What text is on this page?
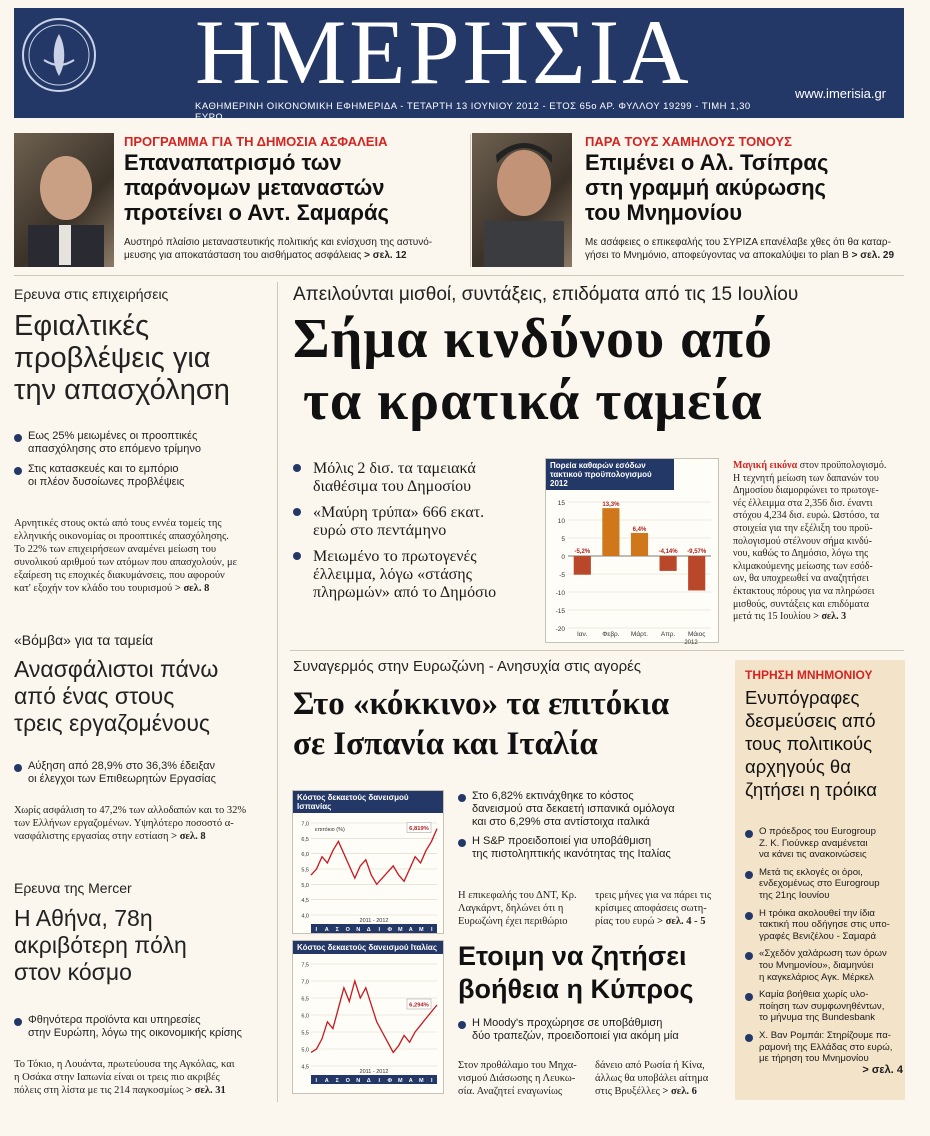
ΗΜΕΡΗΣΙΑ	www.imerisia.gr
ΚΑΘΗΜΕΡΙΝΗ ΟΙΚΟΝΟΜΙΚΗ ΕΦΗΜΕΡΙΔΑ - ΤΕΤΑΡΤΗ 13 ΙΟΥΝΙΟΥ 2012 - ΕΤΟΣ 65ο ΑΡ. ΦΥΛΛΟΥ 19299 - ΤΙΜΗ 1,30 ΕΥΡΩ
ΠΡΟΓΡΑΜΜΑ ΓΙΑ ΤΗ ΔΗΜΟΣΙΑ ΑΣΦΑΛΕΙΑ
Επαναπατρισμό των
παράνομων μεταναστών
προτείνει ο Αντ. Σαμαράς
Αυστηρό πλαίσιο μεταναστευτικής πολιτικής και ενίσχυση της αστυνό-
μευσης για αποκατάσταση του αισθήματος ασφάλειας > σελ. 12
ΠΑΡΑ ΤΟΥΣ ΧΑΜΗΛΟΥΣ ΤΟΝΟΥΣ
Επιμένει ο Αλ. Τσίπρας
στη γραμμή ακύρωσης
του Μνημονίου
Με ασάφειες ο επικεφαλής του ΣΥΡΙΖΑ επανέλαβε χθες ότι θα καταρ-
γήσει το Μνημόνιο, αποφεύγοντας να αποκαλύψει το plan B > σελ. 29
Ερευνα στις επιχειρήσεις
Εφιαλτικές
προβλέψεις για
την απασχόληση
Εως 25% μειωμένες οι προοπτικές
απασχόλησης στο επόμενο τρίμηνο
Στις κατασκευές και το εμπόριο
οι πλέον δυσοίωνες προβλέψεις
Αρνητικές στους οκτώ από τους εννέα τομείς της
ελληνικής οικονομίας οι προοπτικές απασχόλησης.
Το 22% των επιχειρήσεων αναμένει μείωση του
συνολικού αριθμού των ατόμων που απασχολούν, με
εξαίρεση τις εποχικές διακυμάνσεις, που αφορούν
κατ' εξοχήν τον κλάδο του τουρισμού > σελ. 8
«Βόμβα» για τα ταμεία
Ανασφάλιστοι πάνω
από ένας στους
τρεις εργαζομένους
Αύξηση από 28,9% στο 36,3% έδειξαν
οι έλεγχοι των Επιθεωρητών Εργασίας
Χωρίς ασφάλιση το 47,2% των αλλοδαπών και το 32%
των Ελλήνων εργαζομένων. Υψηλότερο ποσοστό α-
νασφάλιστης εργασίας στην εστίαση > σελ. 8
Ερευνα της Mercer
Η Αθήνα, 78η
ακριβότερη πόλη
στον κόσμο
Φθηνότερα προϊόντα και υπηρεσίες
στην Ευρώπη, λόγω της οικονομικής κρίσης
Το Τόκιο, η Λουάντα, πρωτεύουσα της Αγκόλας, και
η Οσάκα στην Ιαπωνία είναι οι τρεις πιο ακριβές
πόλεις στη λίστα με τις 214 παγκοσμίως > σελ. 31
Απειλούνται μισθοί, συντάξεις, επιδόματα από τις 15 Ιουλίου
Σήμα κινδύνου από
τα κρατικά ταμεία
Μόλις 2 δισ. τα ταμειακά
διαθέσιμα του Δημοσίου
«Μαύρη τρύπα» 666 εκατ.
ευρώ στο πεντάμηνο
Μειωμένο το πρωτογενές
έλλειμμα, λόγω «στάσης
πληρωμών» από το Δημόσιο
Πορεία καθαρών εσόδων τακτικού προϋπολογισμού 2012
15
10
5
0
-5
-10
-15
-20
-5,2%
Ιαν.
13,3%
Φεβρ.
6,4%
Μάρτ.
-4,14%
Απρ.
-9,57%
Μάιος
2012
Μαγική εικόνα στον προϋπολογισμό.
Η τεχνητή μείωση των δαπανών του
Δημοσίου διαμορφώνει το πρωτογε-
νές έλλειμμα στα 2,356 δισ. έναντι
στόχου 4,234 δισ. ευρώ. Ωστόσο, τα
στοιχεία για την εξέλιξη του προϋ-
πολογισμού στέλνουν σήμα κινδύ-
νου, καθώς το Δημόσιο, λόγω της
κλιμακούμενης μείωσης των εσόδ-
ων, θα υποχρεωθεί να αναζητήσει
έκτακτους πόρους για να πληρώσει
μισθούς, συντάξεις και επιδόματα
μετά τις 15 Ιουλίου > σελ. 3
Συναγερμός στην Ευρωζώνη - Ανησυχία στις αγορές
Στο «κόκκινο» τα επιτόκια
σε Ισπανία και Ιταλία
Κόστος δεκαετούς δανεισμού Ισπανίας
7,0
6,5
6,0
5,5
5,0
4,5
4,0
6,819%
επιτόκιο (%)
Ι Α Σ Ο Ν Δ Ι Φ Μ Α Μ Ι
2011 - 2012
Κόστος δεκαετούς δανεισμού Ιταλίας
7,5
7,0
6,5
6,0
5,5
5,0
4,5
6,294%
Ι Α Σ Ο Ν Δ Ι Φ Μ Α Μ Ι
2011 - 2012
Στο 6,82% εκτινάχθηκε το κόστος
δανεισμού στα δεκαετή ισπανικά ομόλογα
και στο 6,29% στα αντίστοιχα ιταλικά
Η S&P προειδοποιεί για υποβάθμιση
της πιστοληπτικής ικανότητας της Ιταλίας
Η επικεφαλής του ΔΝΤ, Κρ.
Λαγκάρντ, δηλώνει ότι η
Ευρωζώνη έχει περιθώριο
τρεις μήνες για να πάρει τις
κρίσιμες αποφάσεις σωτη-
ρίας του ευρώ > σελ. 4 - 5
Ετοιμη να ζητήσει
βοήθεια η Κύπρος
Η Moody's προχώρησε σε υποβάθμιση
δύο τραπεζών, προειδοποιεί για ακόμη μία
Στον προθάλαμο του Μηχα-
νισμού Διάσωσης η Λευκω-
σία. Αναζητεί εναγωνίως
δάνειο από Ρωσία ή Κίνα,
άλλως θα υποβάλει αίτημα
στις Βρυξέλλες > σελ. 6
ΤΗΡΗΣΗ ΜΝΗΜΟΝΙΟΥ
Ενυπόγραφες
δεσμεύσεις από
τους πολιτικούς
αρχηγούς θα
ζητήσει η τρόικα
Ο πρόεδρος του Eurogroup
Ζ. Κ. Γιούνκερ αναμένεται
να κάνει τις ανακοινώσεις
Μετά τις εκλογές οι όροι,
ενδεχομένως στο Eurogroup
της 21ης Ιουνίου
Η τρόικα ακολουθεί την ίδια
τακτική που οδήγησε στις υπο-
γραφές Βενιζέλου - Σαμαρά
«Σχεδόν χαλάρωση των όρων
του Μνημονίου», διαμηνύει
η καγκελάριος Αγκ. Μέρκελ
Καμία βοήθεια χωρίς υλο-
ποίηση των συμφωνηθέντων,
το μήνυμα της Bundesbank
Χ. Βαν Ρομπάι: Στηρίζουμε πα-
ραμονή της Ελλάδας στο ευρώ,
με τήρηση του Μνημονίου
> σελ. 4
